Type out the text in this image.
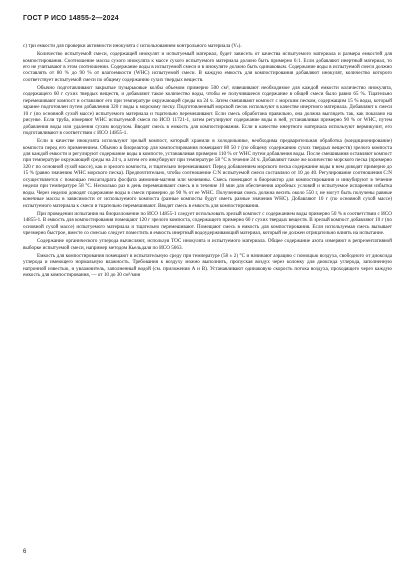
ГОСТ Р ИСО 14855-2—2024

с) три емкости для проверки активности инокулята с использованием контрольного материала (Vₛ).

Количество испытуемой смеси, содержащей инокулят и испытуемый материал, будет зависеть от качества испытуемого материала и размера емкостей для компостирования. Соотношение массы сухого инокулята к массе сухого испытуемого материала должно быть примерно 6:1. Если добавляют инертный материал, то его не учитывают в этом соотношении. Содержание воды в испытуемой смеси и в инокуляте должно быть одинаковым. Содержание воды в испытуемой смеси должно составлять от 80 % до 90 % от влагоемкости (WHC) испытуемой смеси. В каждую емкость для компостирования добавляют инокулят, количество которого соответствует испытуемой смеси по общему содержанию сухих твердых веществ.

Обычно подготавливают закрытые пузырьковые колбы объемом примерно 500 см³, взвешивают необходимое для каждой емкости количество инокулята, содержащего 60 г сухих твердых веществ, и добавляют такое количество воды, чтобы ее получившееся содержание в общей смеси было равно 65 %. Тщательно перемешивают компост и оставляют его при температуре окружающей среды на 24 ч. Затем смешивают компост с морским песком, содержащим 15 % воды, который заранее подготовлен путем добавления 320 г воды к морскому песку. Подготовленный морской песок используют в качестве инертного материала. Добавляют к смеси 10 г (по основной сухой массе) испытуемого материала и тщательно перемешивают. Если смесь обработана правильно, она должна выглядеть так, как показано на рисунке. Если труба, измеряют WHC испытуемой смеси по ИСО 11721-1, затем регулируют содержание воды в ней, устанавливая примерно 90 % от WHC, путем добавления воды или удаления сухим воздухом. Вводят смесь в емкость для компостирования. Если в качестве инертного материала используют вермикулит, его подготавливают в соответствии с ИСО 14855-1.

Если в качестве инокулята используют зрелый компост, который хранили в холодильнике, необходима предварительная обработка (кондиционирование) компоста перед его применением. Обычно в биореактор для компостирования помещают 80 50 г (по общему содержанию сухих твердых веществ) зрелого компоста для каждой емкости и регулируют содержание воды в компосте, устанавливая примерно 110 % от WHC путем добавления воды. После смешивания оставляют компост при температуре окружающей среды на 24 ч, а затем его инкубируют при температуре 58 °С в течение 24 ч. Добавляют такое же количество морского песка (примерно 320 г по основной сухой массе), как и зрелого компоста, и тщательно перемешивают. Перед добавлением морского песка содержание воды в нем доводят примерно до 15 % (равно значению WHC морского песка). Предпочтительно, чтобы соотношение C:N испытуемой смеси составляло от 10 до 40. Регулирование соотношения C:N осуществляется с помощью гексагидрата фосфата аммония-магния или мочевины. Смесь помещают в биореактор для компостирования и инкубируют в течение недели при температуре 58 °С. Несколько раз в день перемешивают смесь и в течение 10 мин для обеспечения аэробных условий и испытуемое испарения избытка воды. Через неделю доводят содержание воды в смеси примерно до 90 % от ее WHC. Полученная смесь должна весить около 550 г, не могут быть получены равные конечные массы в зависимости от используемого компоста (разные компосты будут иметь разные значения WHC). Добавляют 10 г (по основной сухой массе) испытуемого материала к смеси и тщательно перемешивают. Вводят смесь в емкость для компостирования.

При проведении испытания на биоразложение по ИСО 14855-1 следует использовать зрелый компост с содержанием воды примерно 50 % в соответствии с ИСО 14855-1. В емкость для компостирования помещают 120 г зрелого компоста, содержащего примерно 60 г сухих твердых веществ. В зрелый компост добавляют 10 г (по основной сухой массе) испытуемого материала и тщательно перемешивают. Помещают смесь в емкость для компостирования. Если используемая смесь вызывает чрезмерно быстрое, вместе со смесью следует поместить в емкость инертный водоудерживающий материал, который не должен отрицательно влиять на испытание.

Содержание органического углерода вычисляют, используя ТОС инокулята и испытуемого материала. Общее содержание азота измеряют в репрезентативной выборке испытуемой смеси, например методом Кьельдаля по ИСО 5663.

Емкость для компостирования помещают в испытательную среду при температуре (58 ± 2) °С и начинают аэрацию с помощью воздуха, свободного от диоксида углерода и имеющего нормальную влажность. Требования к воздуху можно выполнить, пропуская воздух через колонку для диоксида углерода, заполненную натронной известью, и увлажнитель, заполненный водой (см. приложения А и В). Устанавливают одинаковую скорость потока воздуха, проходящего через каждую емкость для компостирования, — от 10 до 30 см³/мин

6
